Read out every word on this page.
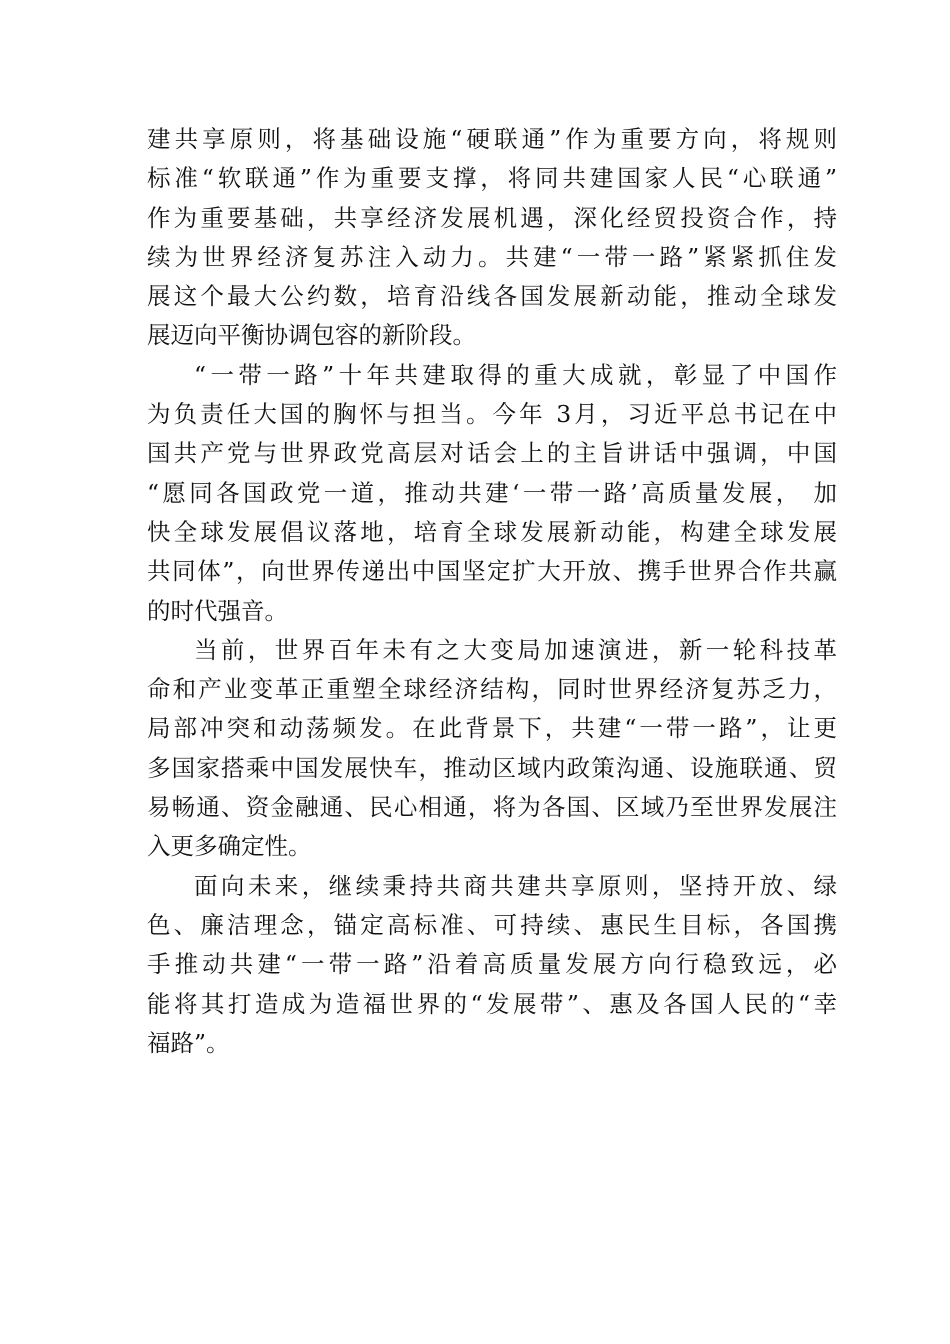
建共享原则，将基础设施“硬联通”作为重要方向，将规则
标准“软联通”作为重要支撑，将同共建国家人民“心联通”
作为重要基础，共享经济发展机遇，深化经贸投资合作，持
续为世界经济复苏注入动力。共建“一带一路”紧紧抓住发
展这个最大公约数，培育沿线各国发展新动能，推动全球发
展迈向平衡协调包容的新阶段。
“一带一路”十年共建取得的重大成就，彰显了中国作
为负责任大国的胸怀与担当。今年 3月，习近平总书记在中
国共产党与世界政党高层对话会上的主旨讲话中强调，中国
“愿同各国政党一道，推动共建‘一带一路’高质量发展， 加
快全球发展倡议落地，培育全球发展新动能，构建全球发展
共同体”，向世界传递出中国坚定扩大开放、携手世界合作共赢
的时代强音。
当前，世界百年未有之大变局加速演进，新一轮科技革
命和产业变革正重塑全球经济结构，同时世界经济复苏乏力，
局部冲突和动荡频发。在此背景下，共建“一带一路”，让更
多国家搭乘中国发展快车，推动区域内政策沟通、设施联通、贸
易畅通、资金融通、民心相通，将为各国、区域乃至世界发展注
入更多确定性。
面向未来，继续秉持共商共建共享原则，坚持开放、绿
色、廉洁理念，锚定高标准、可持续、惠民生目标，各国携
手推动共建“一带一路”沿着高质量发展方向行稳致远，必
能将其打造成为造福世界的“发展带”、惠及各国人民的“幸
福路”。
